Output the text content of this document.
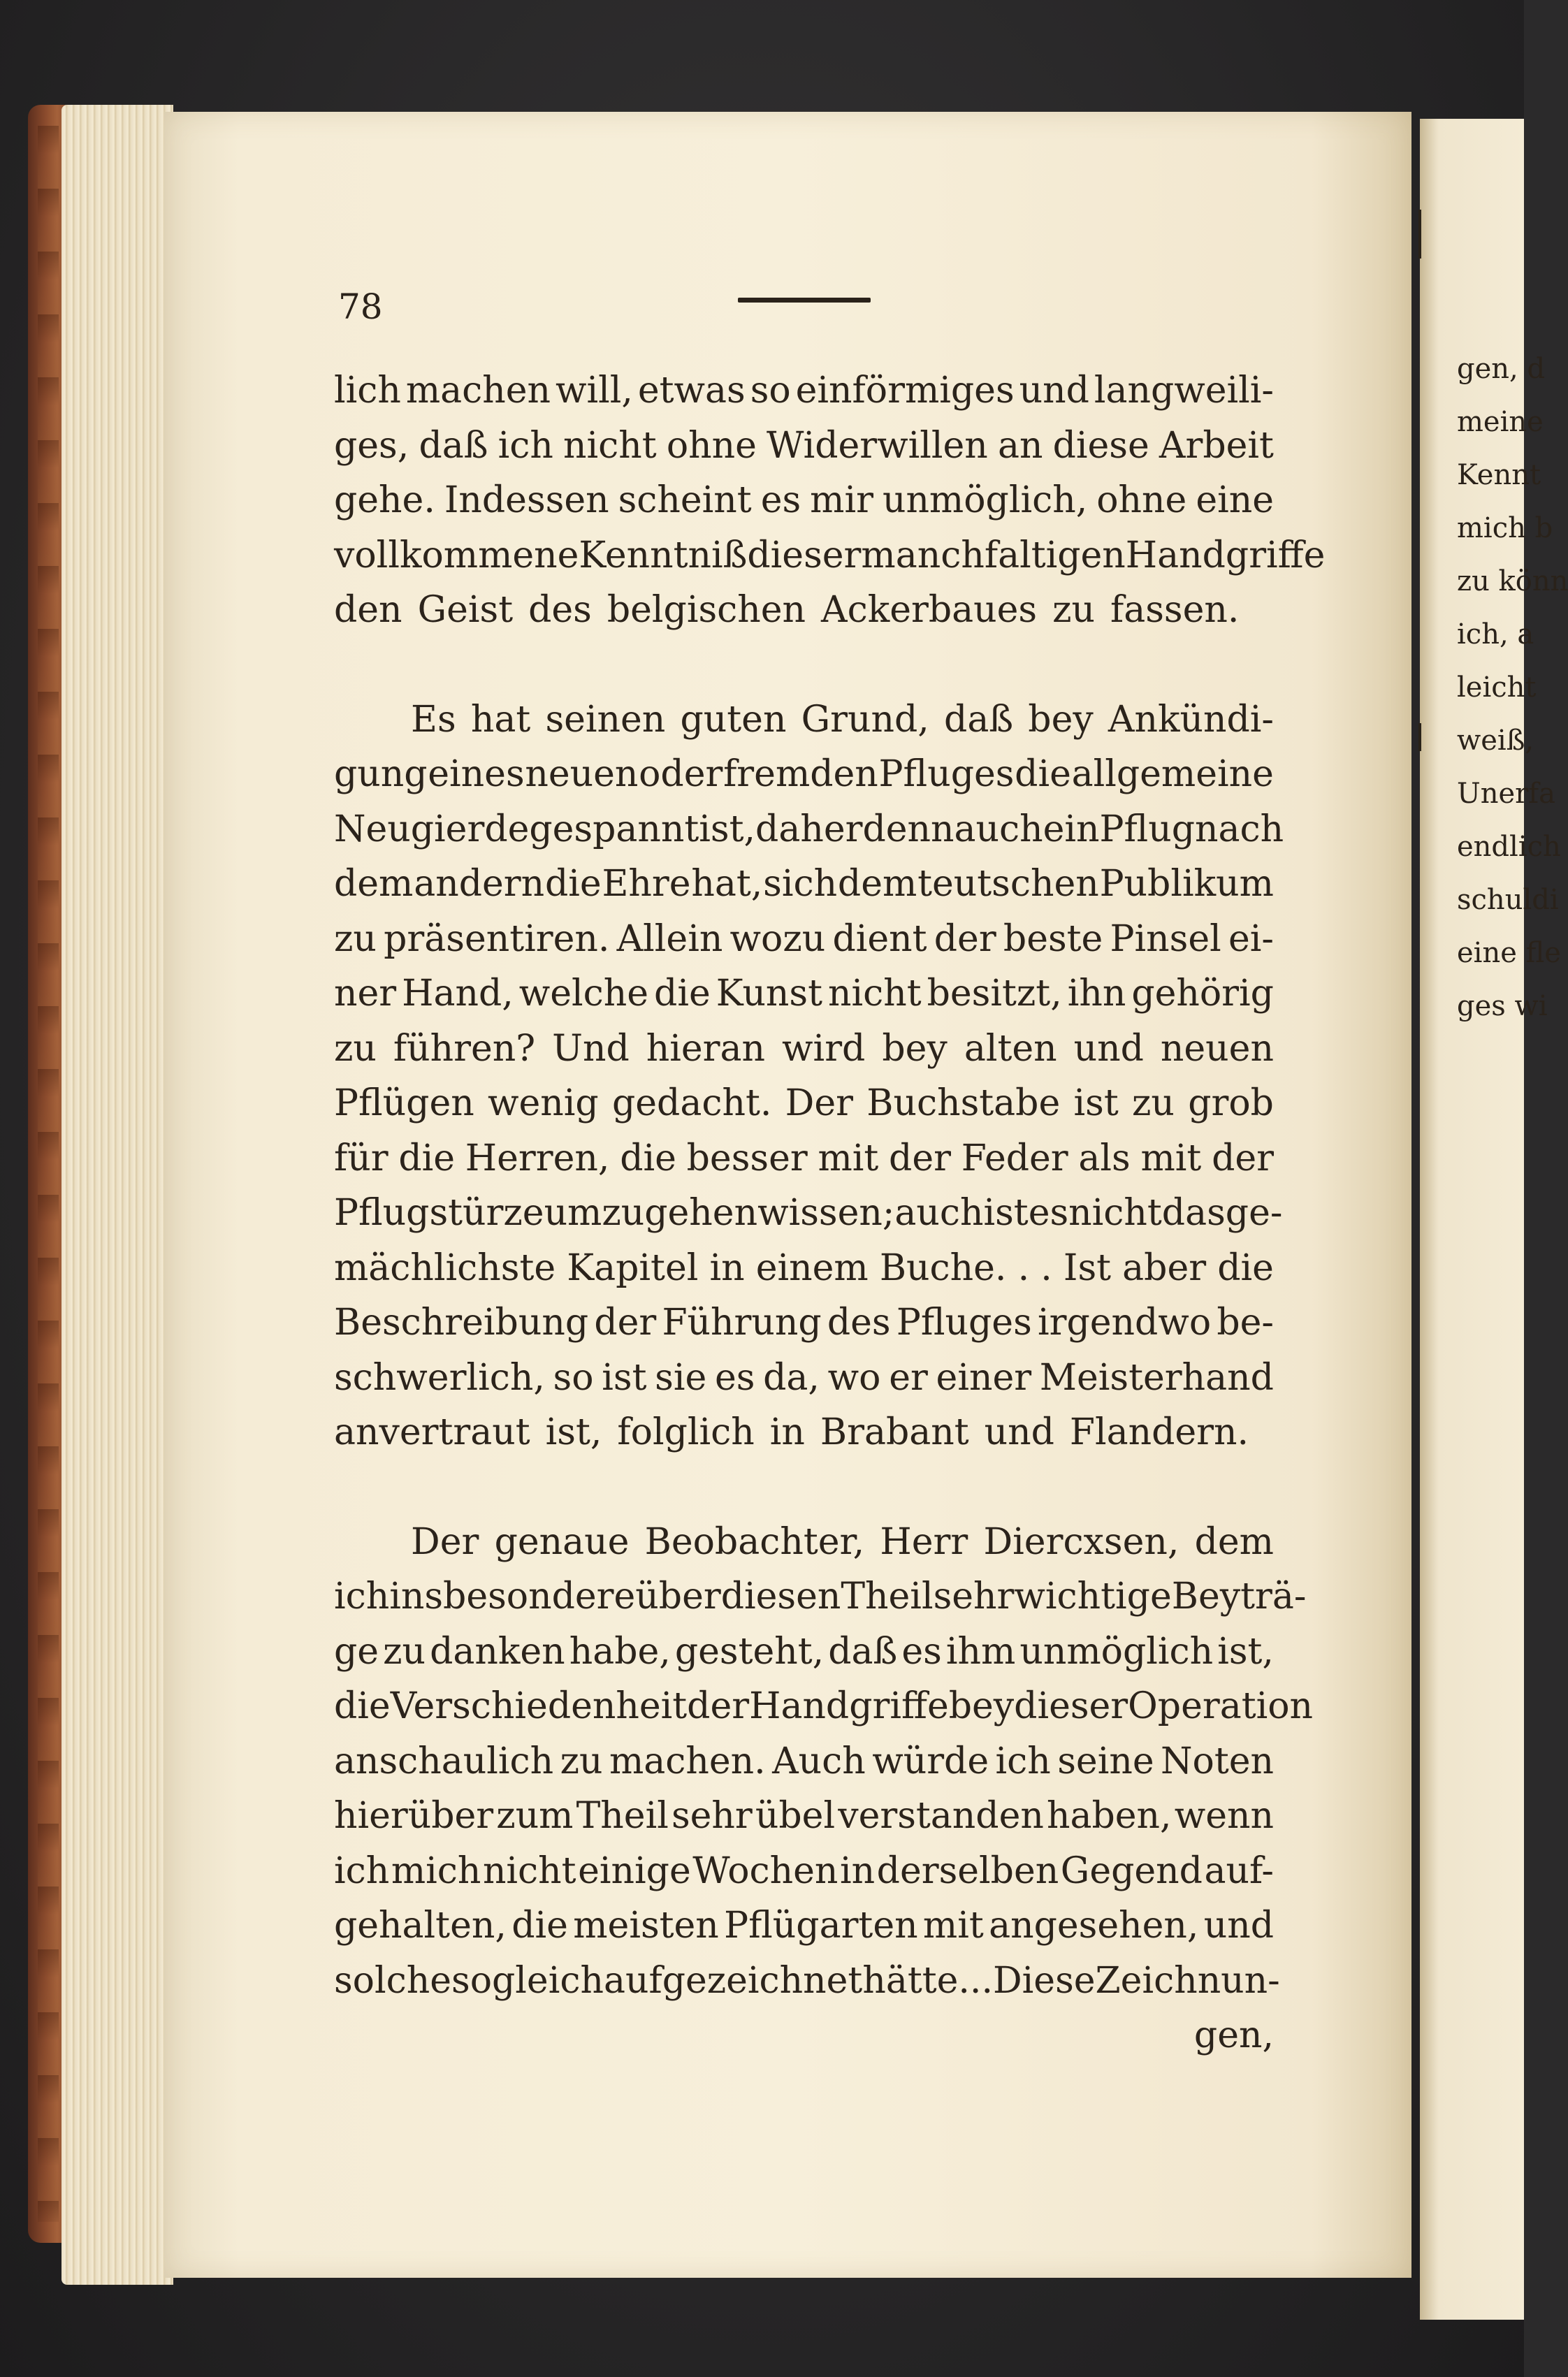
gen, d
meine
Kennt
mich b
zu könn
ich, a
leicht
weiß,
Unerfa
endlich
schuldi
eine fle
ges wi
78
lich machen will, etwas so einförmiges und langweili-
ges, daß ich nicht ohne Widerwillen an diese Arbeit
gehe. Indessen scheint es mir unmöglich, ohne eine
vollkommene Kenntniß dieser manchfaltigen Handgriffe
den Geist des belgischen Ackerbaues zu fassen.
Es hat seinen guten Grund, daß bey Ankündi-
gung eines neuen oder fremden Pfluges die allgemeine
Neugierde gespannt ist, daher denn auch ein Pflug nach
dem andern die Ehre hat, sich dem teutschen Publikum
zu präsentiren. Allein wozu dient der beste Pinsel ei-
ner Hand, welche die Kunst nicht besitzt, ihn gehörig
zu führen? Und hieran wird bey alten und neuen
Pflügen wenig gedacht. Der Buchstabe ist zu grob
für die Herren, die besser mit der Feder als mit der
Pflugstürze umzugehen wissen; auch ist es nicht das ge-
mächlichste Kapitel in einem Buche. . . Ist aber die
Beschreibung der Führung des Pfluges irgendwo be-
schwerlich, so ist sie es da, wo er einer Meisterhand
anvertraut ist, folglich in Brabant und Flandern.
Der genaue Beobachter, Herr Diercxsen, dem
ich insbesondere über diesen Theil sehr wichtige Beyträ-
ge zu danken habe, gesteht, daß es ihm unmöglich ist,
die Verschiedenheit der Handgriffe bey dieser Operation
anschaulich zu machen. Auch würde ich seine Noten
hierüber zum Theil sehr übel verstanden haben, wenn
ich mich nicht einige Wochen in derselben Gegend auf-
gehalten, die meisten Pflügarten mit angesehen, und
solche sogleich aufgezeichnet hätte. . . Diese Zeichnun-
gen,
